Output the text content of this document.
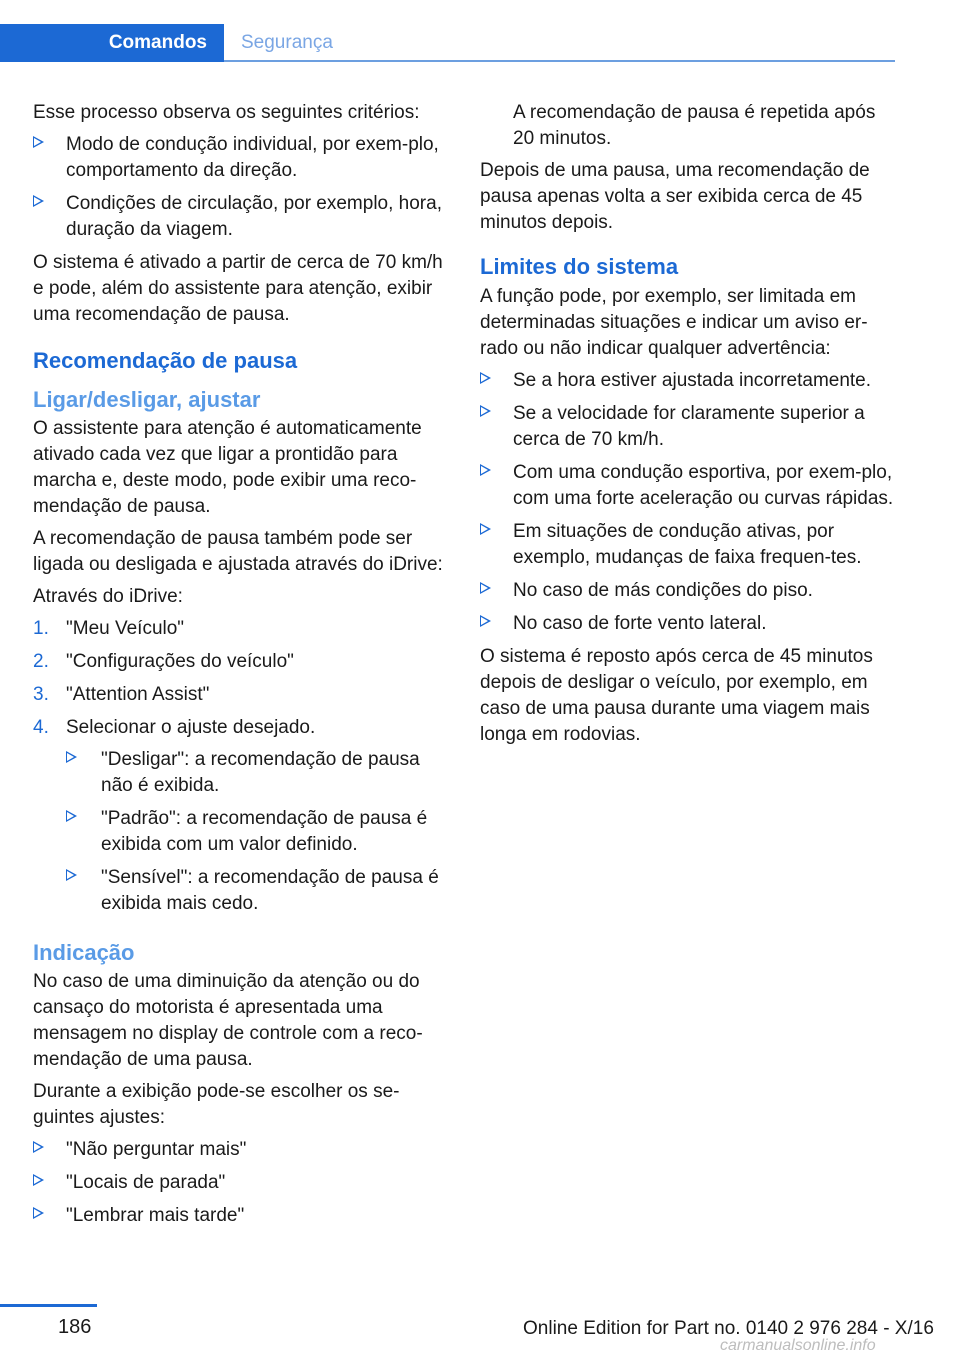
Comandos	Segurança

Esse processo observa os seguintes critérios:

Modo de condução individual, por exem‐plo, comportamento da direção.
Condições de circulação, por exemplo, hora, duração da viagem.

O sistema é ativado a partir de cerca de 70 km/h e pode, além do assistente para atenção, exibir uma recomendação de pausa.

Recomendação de pausa
Ligar/desligar, ajustar

O assistente para atenção é automaticamente ativado cada vez que ligar a prontidão para marcha e, deste modo, pode exibir uma reco‐mendação de pausa.

A recomendação de pausa também pode ser ligada ou desligada e ajustada através do iDrive:

Através do iDrive:

1. "Meu Veículo"
2. "Configurações do veículo"
3. "Attention Assist"
4. Selecionar o ajuste desejado.
"Desligar": a recomendação de pausa não é exibida.
"Padrão": a recomendação de pausa é exibida com um valor definido.
"Sensível": a recomendação de pausa é exibida mais cedo.
Indicação

No caso de uma diminuição da atenção ou do cansaço do motorista é apresentada uma mensagem no display de controle com a reco‐mendação de uma pausa.

Durante a exibição pode-se escolher os se‐guintes ajustes:

"Não perguntar mais"
"Locais de parada"
"Lembrar mais tarde"

A recomendação de pausa é repetida após 20 minutos.

Depois de uma pausa, uma recomendação de pausa apenas volta a ser exibida cerca de 45 minutos depois.

Limites do sistema

A função pode, por exemplo, ser limitada em determinadas situações e indicar um aviso er‐rado ou não indicar qualquer advertência:

Se a hora estiver ajustada incorretamente.
Se a velocidade for claramente superior a cerca de 70 km/h.
Com uma condução esportiva, por exem‐plo, com uma forte aceleração ou curvas rápidas.
Em situações de condução ativas, por exemplo, mudanças de faixa frequen‐tes.
No caso de más condições do piso.
No caso de forte vento lateral.

O sistema é reposto após cerca de 45 minutos depois de desligar o veículo, por exemplo, em caso de uma pausa durante uma viagem mais longa em rodovias.

186	Online Edition for Part no. 0140 2 976 284 - X/16
carmanualsonline.info
